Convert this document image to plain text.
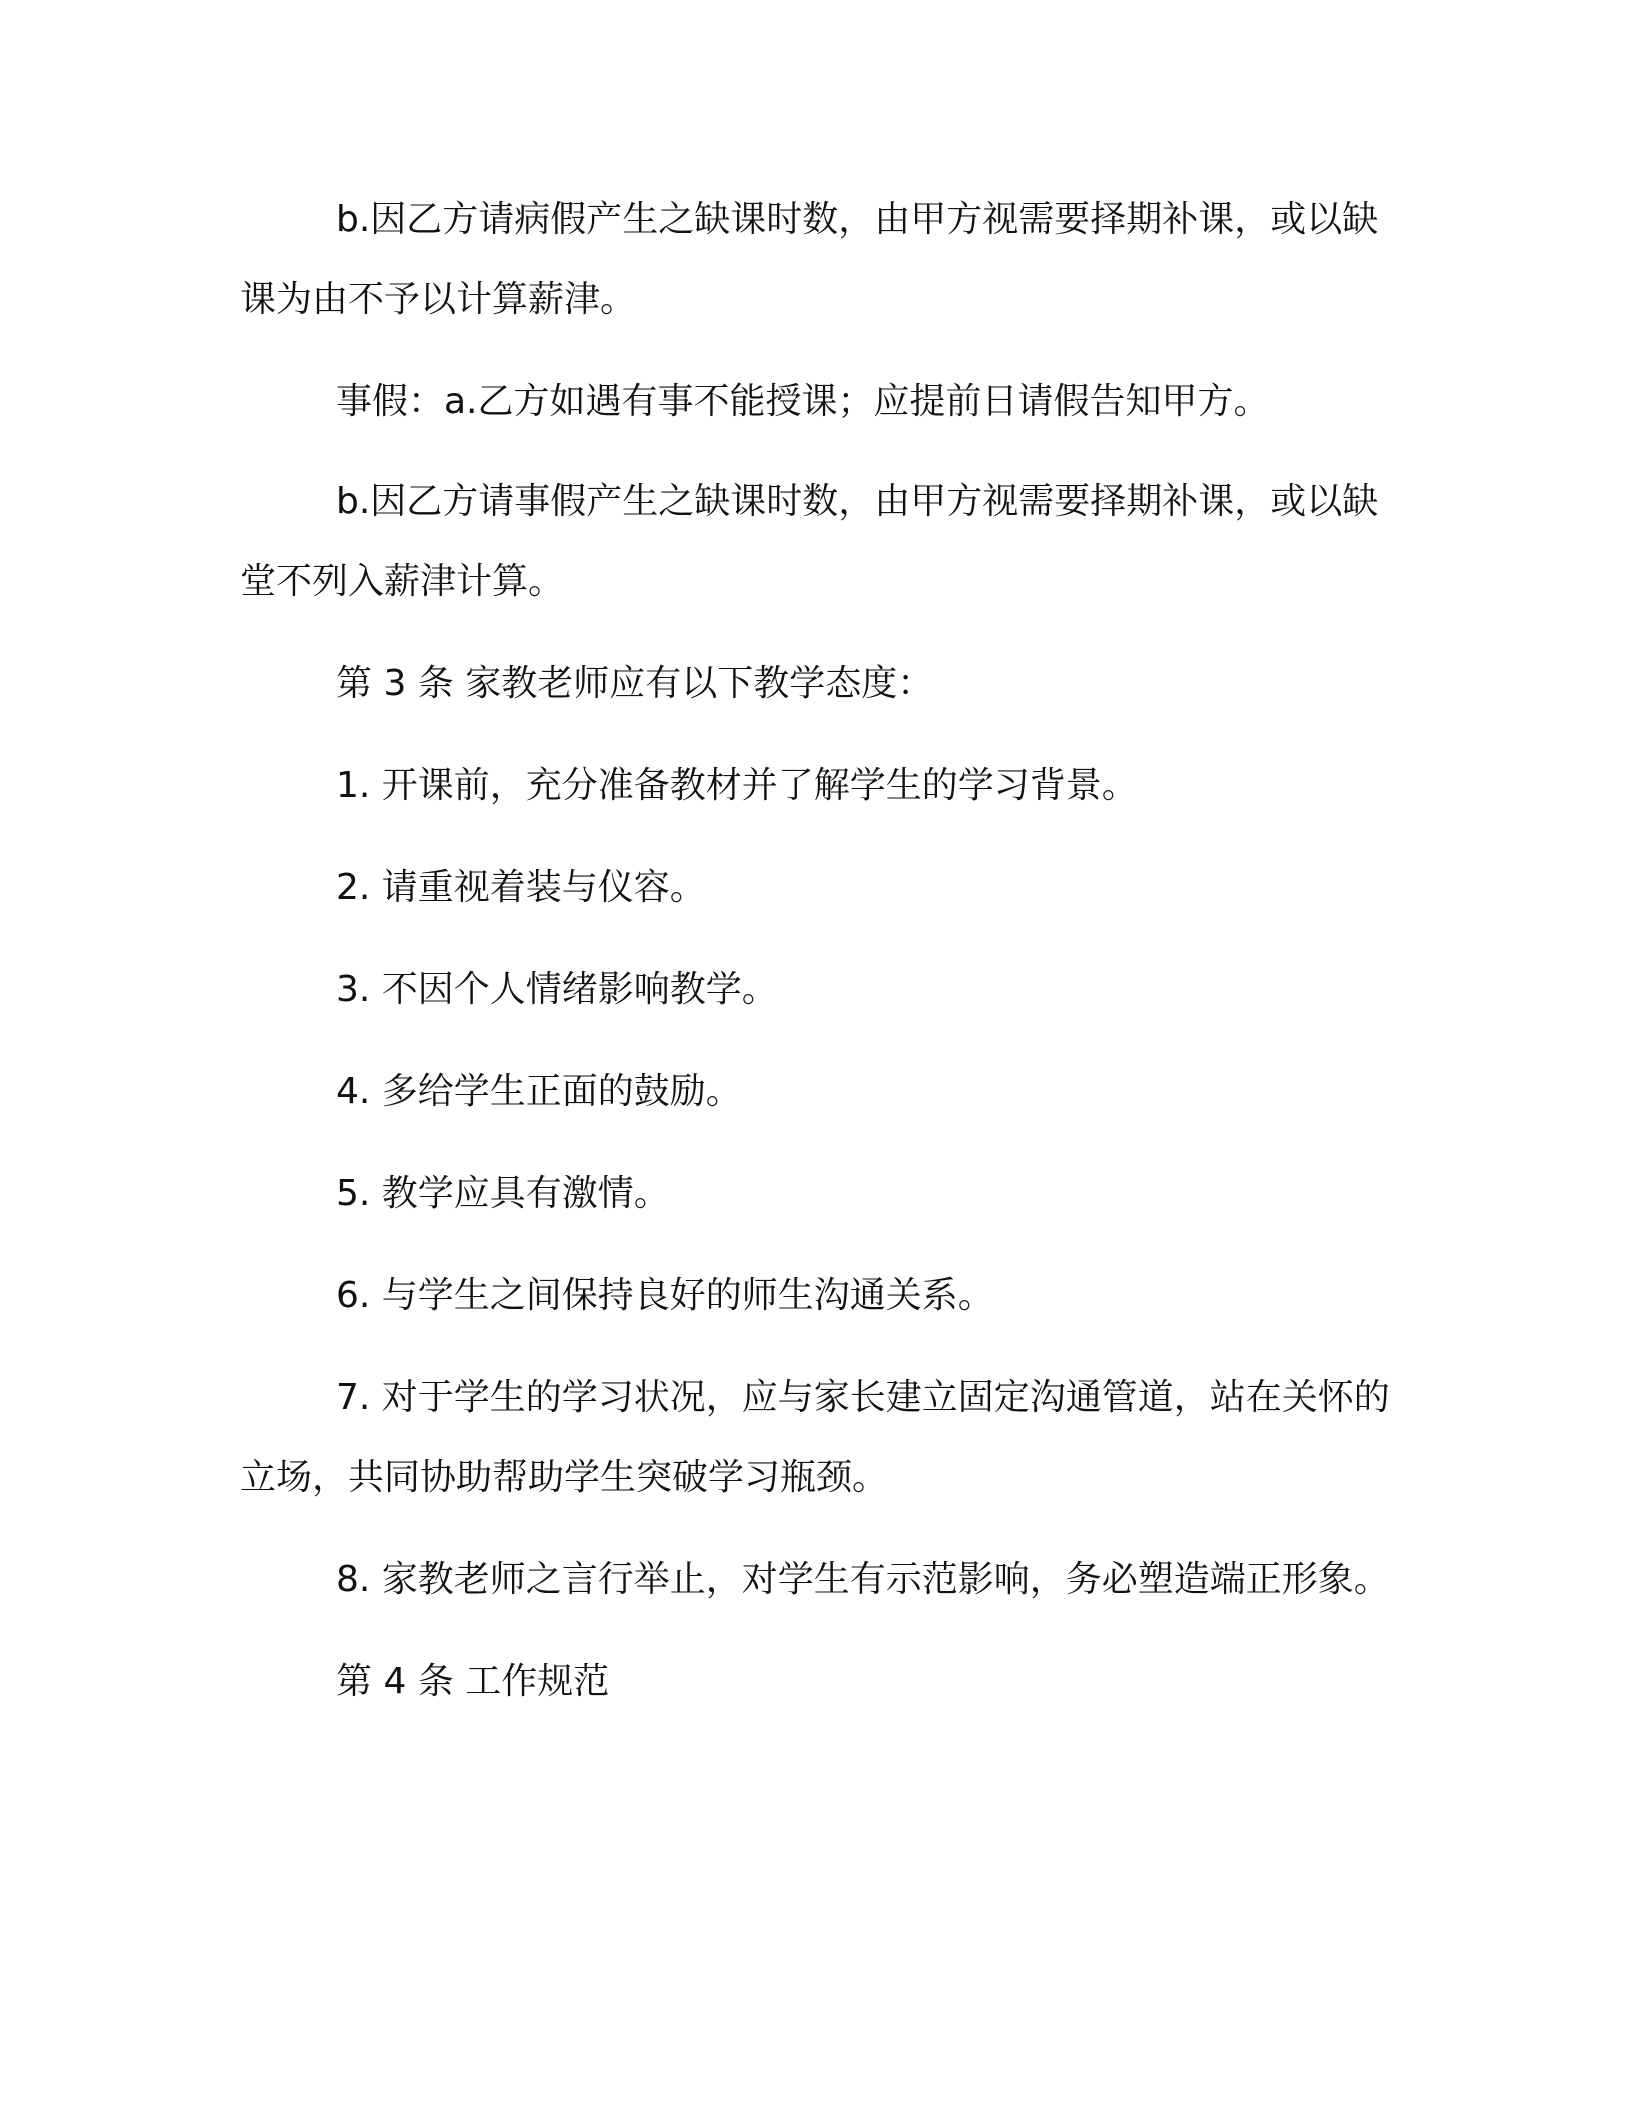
b.因乙方请病假产生之缺课时数，由甲方视需要择期补课，或以缺课为由不予以计算薪津。

事假：a.乙方如遇有事不能授课；应提前日请假告知甲方。

b.因乙方请事假产生之缺课时数，由甲方视需要择期补课，或以缺堂不列入薪津计算。

第 3 条 家教老师应有以下教学态度：

1. 开课前，充分准备教材并了解学生的学习背景。

2. 请重视着装与仪容。

3. 不因个人情绪影响教学。

4. 多给学生正面的鼓励。

5. 教学应具有激情。

6. 与学生之间保持良好的师生沟通关系。

7. 对于学生的学习状况，应与家长建立固定沟通管道，站在关怀的立场，共同协助帮助学生突破学习瓶颈。

8. 家教老师之言行举止，对学生有示范影响，务必塑造端正形象。

第 4 条 工作规范
